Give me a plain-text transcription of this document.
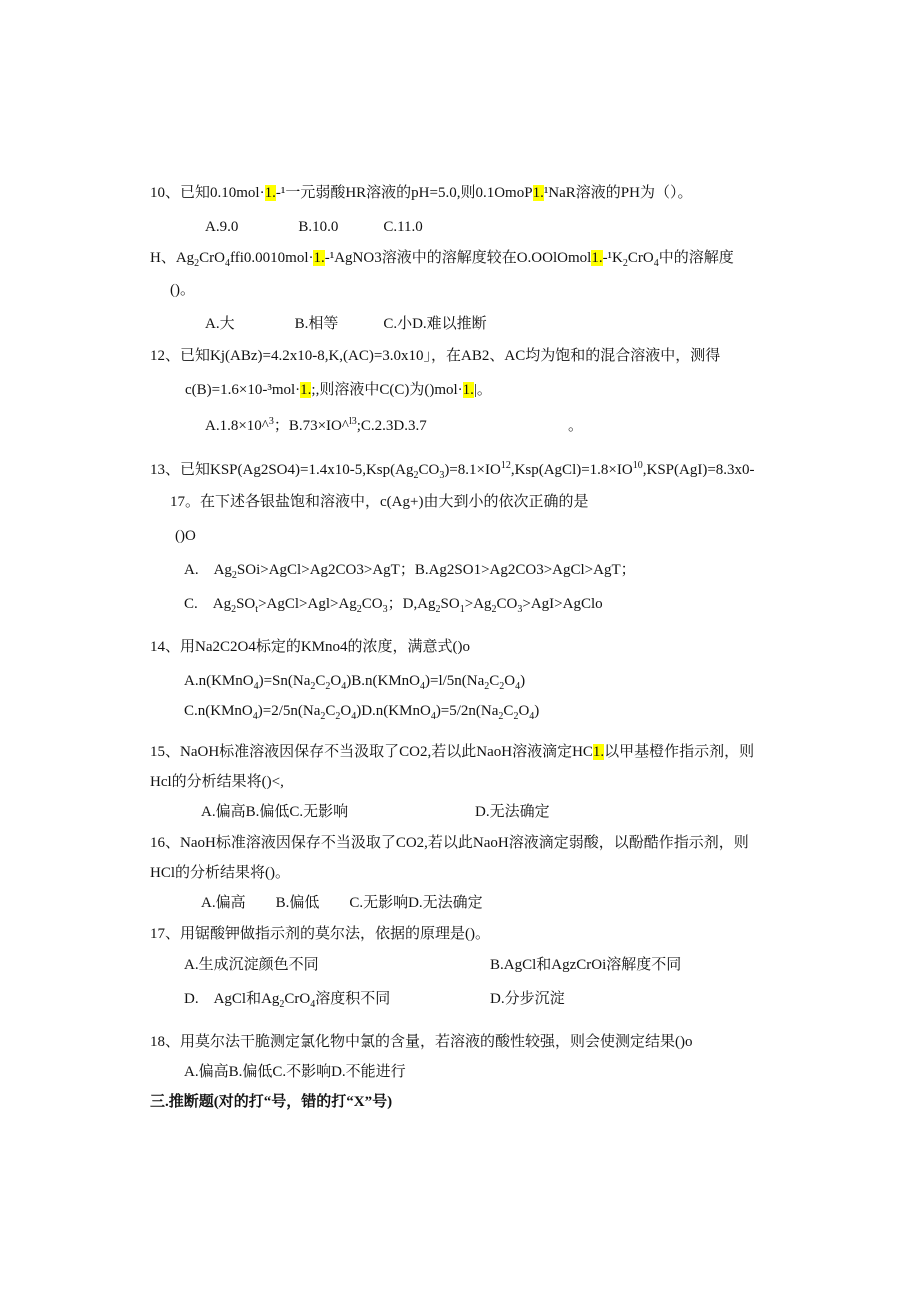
10、已知0.10mol·1.-¹一元弱酸HR溶液的pH=5.0,则0.1OmoP1.¹NaR溶液的PH为（）。
A.9.0　　　　B.10.0　　　C.11.0
H、$Ag_2CrO_4ffi0.0010mol\cdot 1.-^1AgNO3$溶液中的溶解度较在$O.OOlOmol1.-^1K_2CrO_4$中的溶解度
()。
A.大　　　　B.相等　　　C.小D.难以推断
12、已知Kj(ABz)=4.2x10-8,K,(AC)=3.0x10」，在AB2、AC均为饱和的混合溶液中，测得
c(B)=1.6×10-³mol·1.;,则溶液中C(C)为()mol·1.|。
A.1.8×10^$^3$；B.73×IO^$^{l3}$;C.2.3D.3.7	。
13、已知$KSP(Ag2SO4)=1.4x10-5,Ksp(Ag_2CO_3)=8.1\times IO^{12},Ksp(AgCl)=1.8\times IO^{10},KSP(AgI)=8.3x0-$
17。在下述各银盐饱和溶液中，c(Ag+)由大到小的依次正确的是
()O
A.　$Ag_2SOi>AgCl>Ag2CO3>AgT$；B.Ag2SO1>Ag2CO3>AgCl>AgT；
C.　$Ag_2SO_t>AgCl>Agl>Ag_2CO_3$；$D,Ag_2SO_1>Ag_2CO_3>AgI>AgClo$
14、用Na2C2O4标定的KMno4的浓度，满意式()o
$A.n(KMnO_4)=Sn(Na_2C_2O_4)B.n(KMnO_4)=l/5n(Na_2C_2O_4)$
$C.n(KMnO_4)=2/5n(Na_2C_2O_4)D.n(KMnO_4)=5/2n(Na_2C_2O_4)$
15、NaOH标准溶液因保存不当汲取了CO2,若以此NaoH溶液滴定HC1.以甲基橙作指示剂，则
Hcl的分析结果将()<,
A.偏高B.偏低C.无影响	D.无法确定
16、NaoH标准溶液因保存不当汲取了CO2,若以此NaoH溶液滴定弱酸，以酚酷作指示剂，则
HCl的分析结果将()。
A.偏高　　B.偏低　　C.无影响D.无法确定
17、用锯酸钾做指示剂的莫尔法，依据的原理是()。
A.生成沉淀颜色不同	B.AgCl和AgzCrOi溶解度不同
D.　AgCl和$Ag_2CrO_4$溶度积不同	D.分步沉淀
18、用莫尔法干脆测定氯化物中氯的含量，若溶液的酸性较强，则会使测定结果()o
A.偏高B.偏低C.不影响D.不能进行
三.推断题(对的打“号，错的打“X”号)
